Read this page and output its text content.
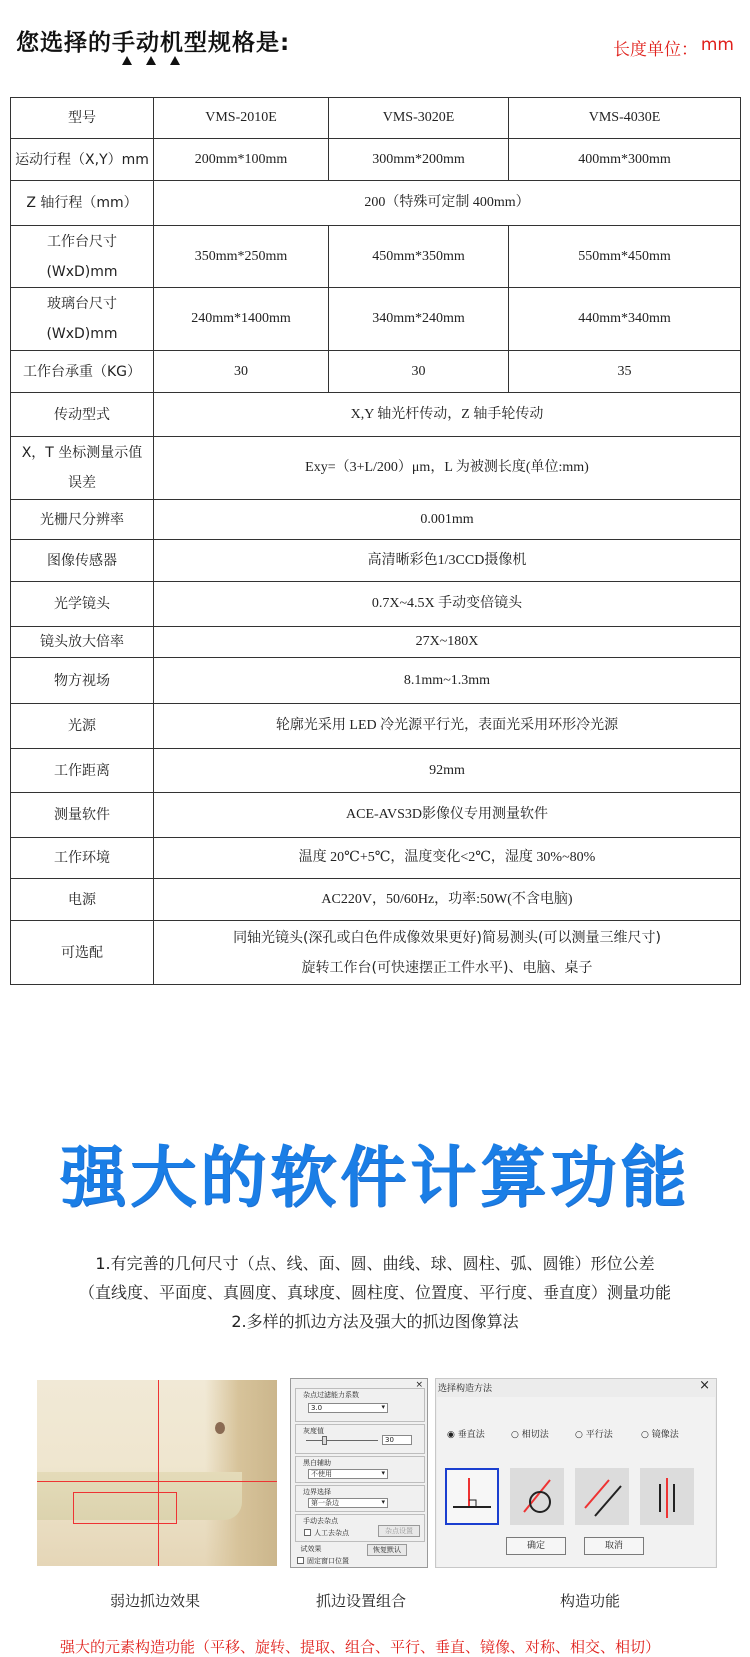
您选择的手动机型规格是:	长度单位： mm
型号	VMS-2010E	VMS-3020E	VMS-4030E
运动行程（X,Y）mm	200mm*100mm	300mm*200mm	400mm*300mm
Z 轴行程（mm）	200（特殊可定制 400mm）		

工作台尺寸
(WxD)mm	350mm*250mm	450mm*350mm	550mm*450mm

玻璃台尺寸
(WxD)mm	240mm*1400mm	340mm*240mm	440mm*340mm
工作台承重（KG）	30	30	35
传动型式	X,Y 轴光杆传动，Z 轴手轮传动		

X，T 坐标测量示值
误差	Exy=（3+L/200）μm，L 为被测长度(单位:mm)		
光栅尺分辨率	0.001mm		
图像传感器	高清晰彩色1/3CCD摄像机		
光学镜头	0.7X~4.5X 手动变倍镜头		
镜头放大倍率	27X~180X		
物方视场	8.1mm~1.3mm		
光源	轮廓光采用 LED 冷光源平行光，表面光采用环形冷光源		
工作距离	92mm		
测量软件	ACE-AVS3D影像仪专用测量软件		
工作环境	温度 20℃+5℃，温度变化<2℃，湿度 30%~80%		
电源	AC220V，50/60Hz，功率:50W(不含电脑)		
可选配	同轴光镜头(深孔或白色件成像效果更好)简易测头(可以测量三维尺寸)
旋转工作台(可快速摆正工件水平)、电脑、桌子		
强大的软件计算功能
1.有完善的几何尺寸（点、线、面、圆、曲线、球、圆柱、弧、圆锥）形位公差
（直线度、平面度、真圆度、真球度、圆柱度、位置度、平行度、垂直度）测量功能
2.多样的抓边方法及强大的抓边图像算法
×
杂点过滤能力系数
3.0 ▾
灰度值
30
黑白辅助
不使用 ▾
边界选择
第一条边 ▾
手动去杂点
人工去杂点	杂点设置
试效果	恢复默认
固定窗口位置
选择构造方法	×
◉ 垂直法	○ 相切法	○ 平行法	○ 镜像法
确定	取消
弱边抓边效果	抓边设置组合	构造功能
强大的元素构造功能（平移、旋转、提取、组合、平行、垂直、镜像、对称、相交、相切）
